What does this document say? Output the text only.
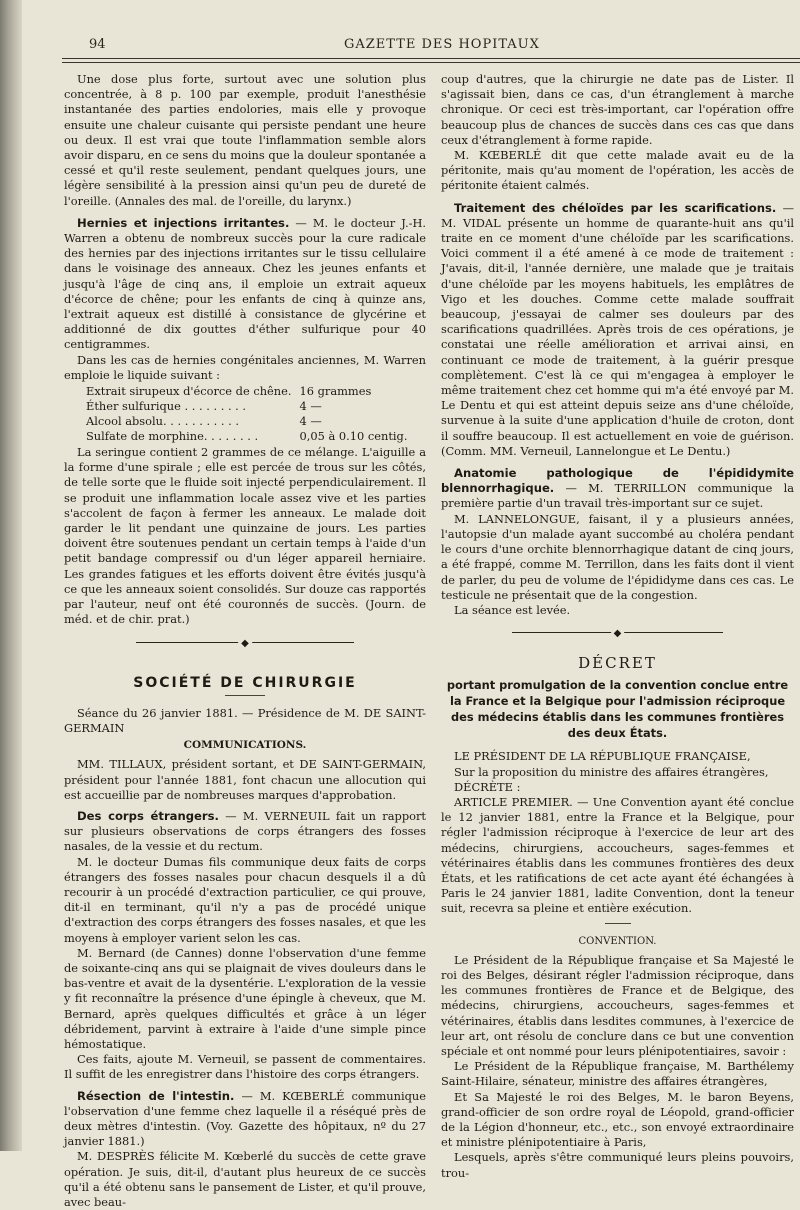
94	GAZETTE DES HOPITAUX

Une dose plus forte, surtout avec une solution plus concentrée, à 8 p. 100 par exemple, produit l'anesthésie instantanée des parties endolories, mais elle y provoque ensuite une chaleur cuisante qui persiste pendant une heure ou deux. Il est vrai que toute l'inflammation semble alors avoir disparu, en ce sens du moins que la douleur spontanée a cessé et qu'il reste seulement, pendant quelques jours, une légère sensibilité à la pression ainsi qu'un peu de dureté de l'oreille. (Annales des mal. de l'oreille, du larynx.)

Hernies et injections irritantes. — M. le docteur J.-H. Warren a obtenu de nombreux succès pour la cure radicale des hernies par des injections irritantes sur le tissu cellulaire dans le voisinage des anneaux. Chez les jeunes enfants et jusqu'à l'âge de cinq ans, il emploie un extrait aqueux d'écorce de chêne; pour les enfants de cinq à quinze ans, l'extrait aqueux est distillé à consistance de glycérine et additionné de dix gouttes d'éther sulfurique pour 40 centigrammes.

Dans les cas de hernies congénitales anciennes, M. Warren emploie le liquide suivant :

Extrait sirupeux d'écorce de chêne.	16 grammes
Éther sulfurique . . . . . . . . .	4 —
Alcool absolu. . . . . . . . . . .	4 —
Sulfate de morphine. . . . . . . .	0,05 à 0.10 centig.

La seringue contient 2 grammes de ce mélange. L'aiguille a la forme d'une spirale ; elle est percée de trous sur les côtés, de telle sorte que le fluide soit injecté perpendiculairement. Il se produit une inflammation locale assez vive et les parties s'accolent de façon à fermer les anneaux. Le malade doit garder le lit pendant une quinzaine de jours. Les parties doivent être soutenues pendant un certain temps à l'aide d'un petit bandage compressif ou d'un léger appareil herniaire. Les grandes fatigues et les efforts doivent être évités jusqu'à ce que les anneaux soient consolidés. Sur douze cas rapportés par l'auteur, neuf ont été couronnés de succès. (Journ. de méd. et de chir. prat.)

◆
SOCIÉTÉ DE CHIRURGIE

Séance du 26 janvier 1881. — Présidence de M. DE SAINT-GERMAIN

COMMUNICATIONS.

MM. TILLAUX, président sortant, et DE SAINT-GERMAIN, président pour l'année 1881, font chacun une allocution qui est accueillie par de nombreuses marques d'approbation.

Des corps étrangers. — M. VERNEUIL fait un rapport sur plusieurs observations de corps étrangers des fosses nasales, de la vessie et du rectum.

M. le docteur Dumas fils communique deux faits de corps étrangers des fosses nasales pour chacun desquels il a dû recourir à un procédé d'extraction particulier, ce qui prouve, dit-il en terminant, qu'il n'y a pas de procédé unique d'extraction des corps étrangers des fosses nasales, et que les moyens à employer varient selon les cas.

M. Bernard (de Cannes) donne l'observation d'une femme de soixante-cinq ans qui se plaignait de vives douleurs dans le bas-ventre et avait de la dysentérie. L'exploration de la vessie y fit reconnaître la présence d'une épingle à cheveux, que M. Bernard, après quelques difficultés et grâce à un léger débridement, parvint à extraire à l'aide d'une simple pince hémostatique.

Ces faits, ajoute M. Verneuil, se passent de commentaires. Il suffit de les enregistrer dans l'histoire des corps étrangers.

Résection de l'intestin. — M. KŒBERLÉ communique l'observation d'une femme chez laquelle il a réséqué près de deux mètres d'intestin. (Voy. Gazette des hôpitaux, nº du 27 janvier 1881.)

M. DESPRÈS félicite M. Kœberlé du succès de cette grave opération. Je suis, dit-il, d'autant plus heureux de ce succès qu'il a été obtenu sans le pansement de Lister, et qu'il prouve, avec beau-

coup d'autres, que la chirurgie ne date pas de Lister. Il s'agissait bien, dans ce cas, d'un étranglement à marche chronique. Or ceci est très-important, car l'opération offre beaucoup plus de chances de succès dans ces cas que dans ceux d'étranglement à forme rapide.

M. KŒBERLÉ dit que cette malade avait eu de la péritonite, mais qu'au moment de l'opération, les accès de péritonite étaient calmés.

Traitement des chéloïdes par les scarifications. — M. VIDAL présente un homme de quarante-huit ans qu'il traite en ce moment d'une chéloïde par les scarifications. Voici comment il a été amené à ce mode de traitement : J'avais, dit-il, l'année dernière, une malade que je traitais d'une chéloïde par les moyens habituels, les emplâtres de Vigo et les douches. Comme cette malade souffrait beaucoup, j'essayai de calmer ses douleurs par des scarifications quadrillées. Après trois de ces opérations, je constatai une réelle amélioration et arrivai ainsi, en continuant ce mode de traitement, à la guérir presque complètement. C'est là ce qui m'engagea à employer le même traitement chez cet homme qui m'a été envoyé par M. Le Dentu et qui est atteint depuis seize ans d'une chéloïde, survenue à la suite d'une application d'huile de croton, dont il souffre beaucoup. Il est actuellement en voie de guérison. (Comm. MM. Verneuil, Lannelongue et Le Dentu.)

Anatomie pathologique de l'épididymite blennorrhagique. — M. TERRILLON communique la première partie d'un travail très-important sur ce sujet.

M. LANNELONGUE, faisant, il y a plusieurs années, l'autopsie d'un malade ayant succombé au choléra pendant le cours d'une orchite blennorrhagique datant de cinq jours, a été frappé, comme M. Terrillon, dans les faits dont il vient de parler, du peu de volume de l'épididyme dans ces cas. Le testicule ne présentait que de la congestion.

La séance est levée.

◆
DÉCRET
portant promulgation de la convention conclue entre la France et la Belgique pour l'admission réciproque des médecins établis dans les communes frontières des deux États.

LE PRÉSIDENT DE LA RÉPUBLIQUE FRANÇAISE,

Sur la proposition du ministre des affaires étrangères,

DÉCRÈTE :

ARTICLE PREMIER. — Une Convention ayant été conclue le 12 janvier 1881, entre la France et la Belgique, pour régler l'admission réciproque à l'exercice de leur art des médecins, chirurgiens, accoucheurs, sages-femmes et vétérinaires établis dans les communes frontières des deux États, et les ratifications de cet acte ayant été échangées à Paris le 24 janvier 1881, ladite Convention, dont la teneur suit, recevra sa pleine et entière exécution.

CONVENTION.

Le Président de la République française et Sa Majesté le roi des Belges, désirant régler l'admission réciproque, dans les communes frontières de France et de Belgique, des médecins, chirurgiens, accoucheurs, sages-femmes et vétérinaires, établis dans lesdites communes, à l'exercice de leur art, ont résolu de conclure dans ce but une convention spéciale et ont nommé pour leurs plénipotentiaires, savoir :

Le Président de la République française, M. Barthélemy Saint-Hilaire, sénateur, ministre des affaires étrangères,

Et Sa Majesté le roi des Belges, M. le baron Beyens, grand-officier de son ordre royal de Léopold, grand-officier de la Légion d'honneur, etc., etc., son envoyé extraordinaire et ministre plénipotentiaire à Paris,

Lesquels, après s'être communiqué leurs pleins pouvoirs, trou-
